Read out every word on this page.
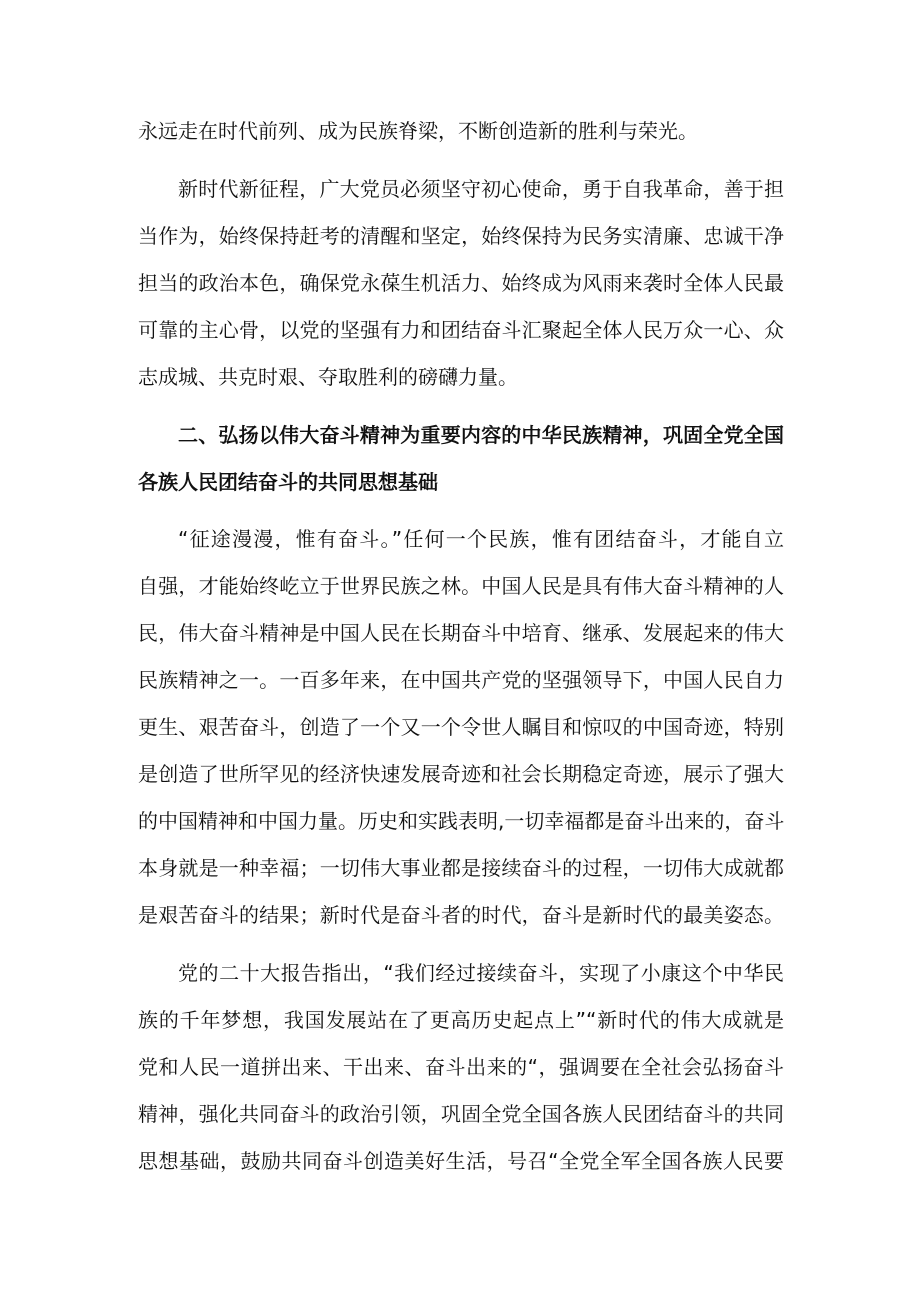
永远走在时代前列、成为民族脊梁，不断创造新的胜利与荣光。
新时代新征程，广大党员必须坚守初心使命，勇于自我革命，善于担
当作为，始终保持赶考的清醒和坚定，始终保持为民务实清廉、忠诚干净
担当的政治本色，确保党永葆生机活力、始终成为风雨来袭时全体人民最
可靠的主心骨，以党的坚强有力和团结奋斗汇聚起全体人民万众一心、众
志成城、共克时艰、夺取胜利的磅礴力量。
二、弘扬以伟大奋斗精神为重要内容的中华民族精神，巩固全党全国
各族人民团结奋斗的共同思想基础
“征途漫漫，惟有奋斗。”任何一个民族，惟有团结奋斗，才能自立
自强，才能始终屹立于世界民族之林。中国人民是具有伟大奋斗精神的人
民，伟大奋斗精神是中国人民在长期奋斗中培育、继承、发展起来的伟大
民族精神之一。一百多年来，在中国共产党的坚强领导下，中国人民自力
更生、艰苦奋斗，创造了一个又一个令世人瞩目和惊叹的中国奇迹，特别
是创造了世所罕见的经济快速发展奇迹和社会长期稳定奇迹，展示了强大
的中国精神和中国力量。历史和实践表明,一切幸福都是奋斗出来的，奋斗
本身就是一种幸福；一切伟大事业都是接续奋斗的过程，一切伟大成就都
是艰苦奋斗的结果；新时代是奋斗者的时代，奋斗是新时代的最美姿态。
党的二十大报告指出，“我们经过接续奋斗，实现了小康这个中华民
族的千年梦想，我国发展站在了更高历史起点上”“新时代的伟大成就是
党和人民一道拼出来、干出来、奋斗出来的“，强调要在全社会弘扬奋斗
精神，强化共同奋斗的政治引领，巩固全党全国各族人民团结奋斗的共同
思想基础，鼓励共同奋斗创造美好生活，号召“全党全军全国各族人民要
